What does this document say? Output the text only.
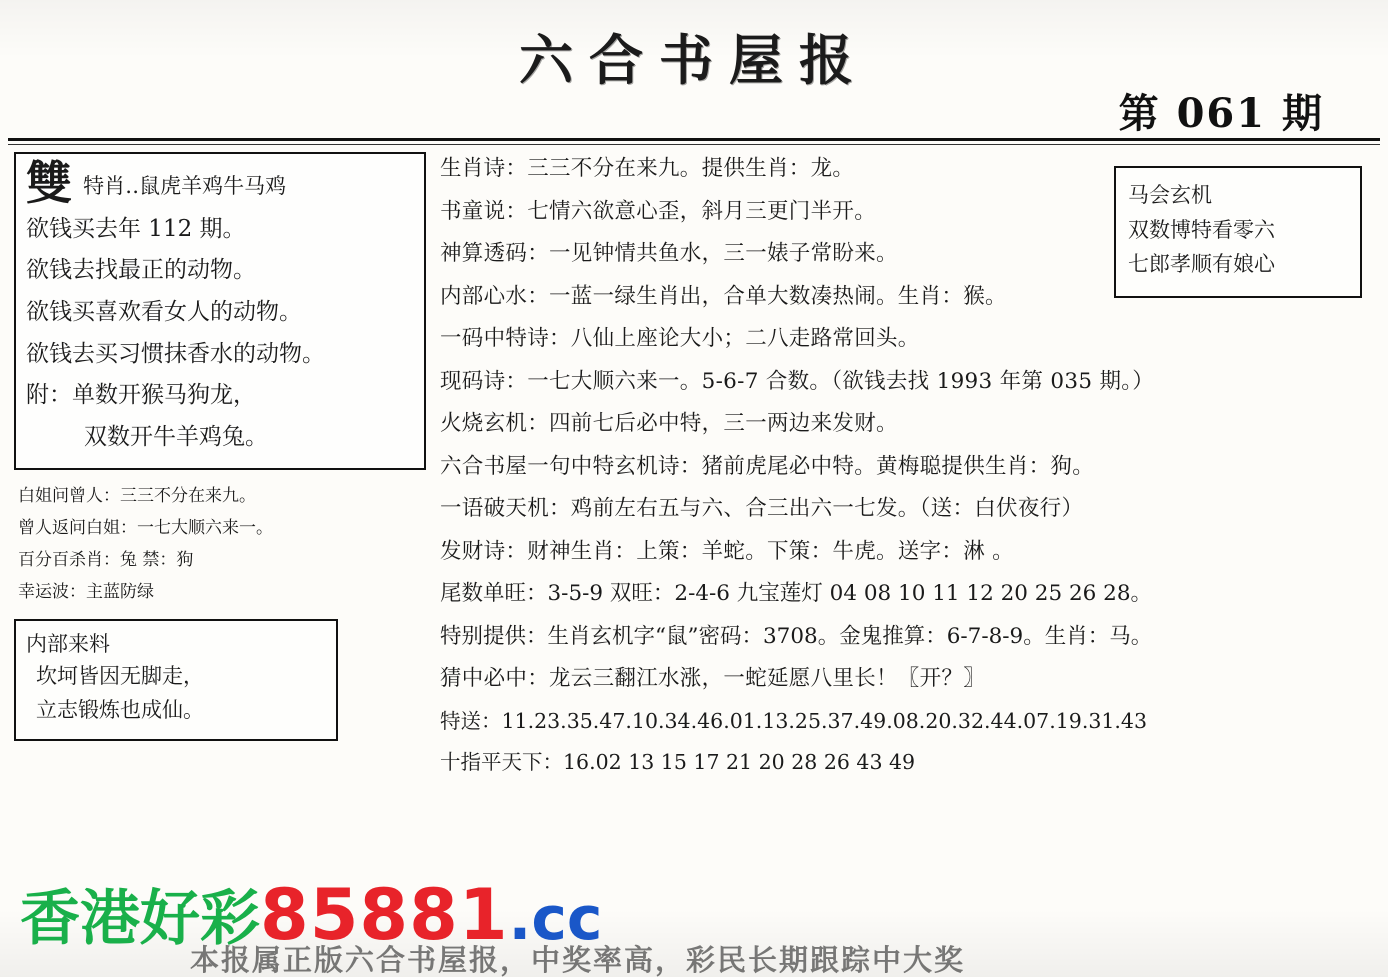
六合书屋报
第 061 期
雙 特肖‥鼠虎羊鸡牛马鸡
欲钱买去年 112 期。
欲钱去找最正的动物。
欲钱买喜欢看女人的动物。
欲钱去买习惯抹香水的动物。
附：单数开猴马狗龙，
双数开牛羊鸡兔。
白姐问曾人：三三不分在来九。
曾人返问白姐：一七大顺六来一。
百分百杀肖：兔 禁：狗
幸运波：主蓝防绿
内部来料
坎坷皆因无脚走，
立志锻炼也成仙。
生肖诗：三三不分在来九。提供生肖：龙。
书童说：七情六欲意心歪，斜月三更门半开。
神算透码：一见钟情共鱼水，三一婊子常盼来。
内部心水：一蓝一绿生肖出，合单大数凑热闹。生肖：猴。
一码中特诗：八仙上座论大小；二八走路常回头。
现码诗：一七大顺六来一。5-6-7 合数。（欲钱去找 1993 年第 035 期。）
火烧玄机：四前七后必中特，三一两边来发财。
六合书屋一句中特玄机诗：猪前虎尾必中特。黄梅聪提供生肖：狗。
一语破天机：鸡前左右五与六、合三出六一七发。（送：白伏夜行）
发财诗：财神生肖：上策：羊蛇。下策：牛虎。送字：淋 。
尾数单旺：3-5-9 双旺：2-4-6 九宝莲灯 04 08 10 11 12 20 25 26 28。
特别提供：生肖玄机字“鼠”密码：3708。金鬼推算：6-7-8-9。生肖：马。
猜中必中：龙云三翻江水涨，一蛇延愿八里长！〖开？〗
特送：11.23.35.47.10.34.46.01.13.25.37.49.08.20.32.44.07.19.31.43
十指平天下：16.02 13 15 17 21 20 28 26 43 49
马会玄机
双数博特看零六
七郎孝顺有娘心
香港好彩85881.cc
本报属正版六合书屋报，中奖率高，彩民长期跟踪中大奖
